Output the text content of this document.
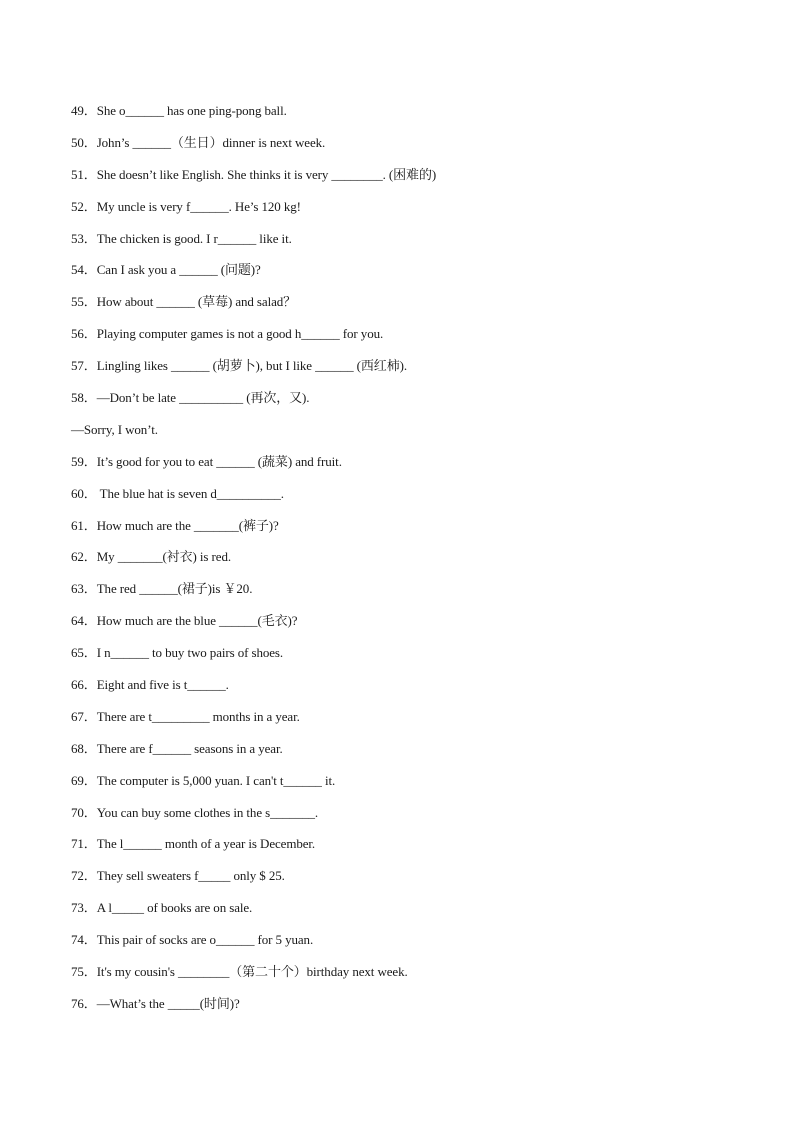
49．She o______ has one ping-pong ball.
50．John’s ______（生日）dinner is next week.
51．She doesn’t like English. She thinks it is very ________. (困难的)
52．My uncle is very f______. He’s 120 kg!
53．The chicken is good. I r______ like it.
54．Can I ask you a ______ (问题)?
55．How about ______ (草莓) and salad？
56．Playing computer games is not a good h______ for you.
57．Lingling likes ______ (胡萝卜), but I like ______ (西红柿).
58．—Don’t be late __________ (再次，又).
—Sorry, I won’t.
59．It’s good for you to eat ______ (蔬菜) and fruit.
60． The blue hat is seven d__________.
61．How much are the _______(裤子)?
62．My _______(衬衣) is red.
63．The red ______(裙子)is ￥20.
64．How much are the blue ______(毛衣)?
65．I n______ to buy two pairs of shoes.
66．Eight and five is t______.
67．There are t_________ months in a year.
68．There are f______ seasons in a year.
69．The computer is 5,000 yuan. I can't t______ it.
70．You can buy some clothes in the s_______.
71．The l______ month of a year is December.
72．They sell sweaters f_____ only $ 25.
73．A l_____ of books are on sale.
74．This pair of socks are o______ for 5 yuan.
75．It's my cousin's ________（第二十个）birthday next week.
76．—What’s the _____(时间)?
